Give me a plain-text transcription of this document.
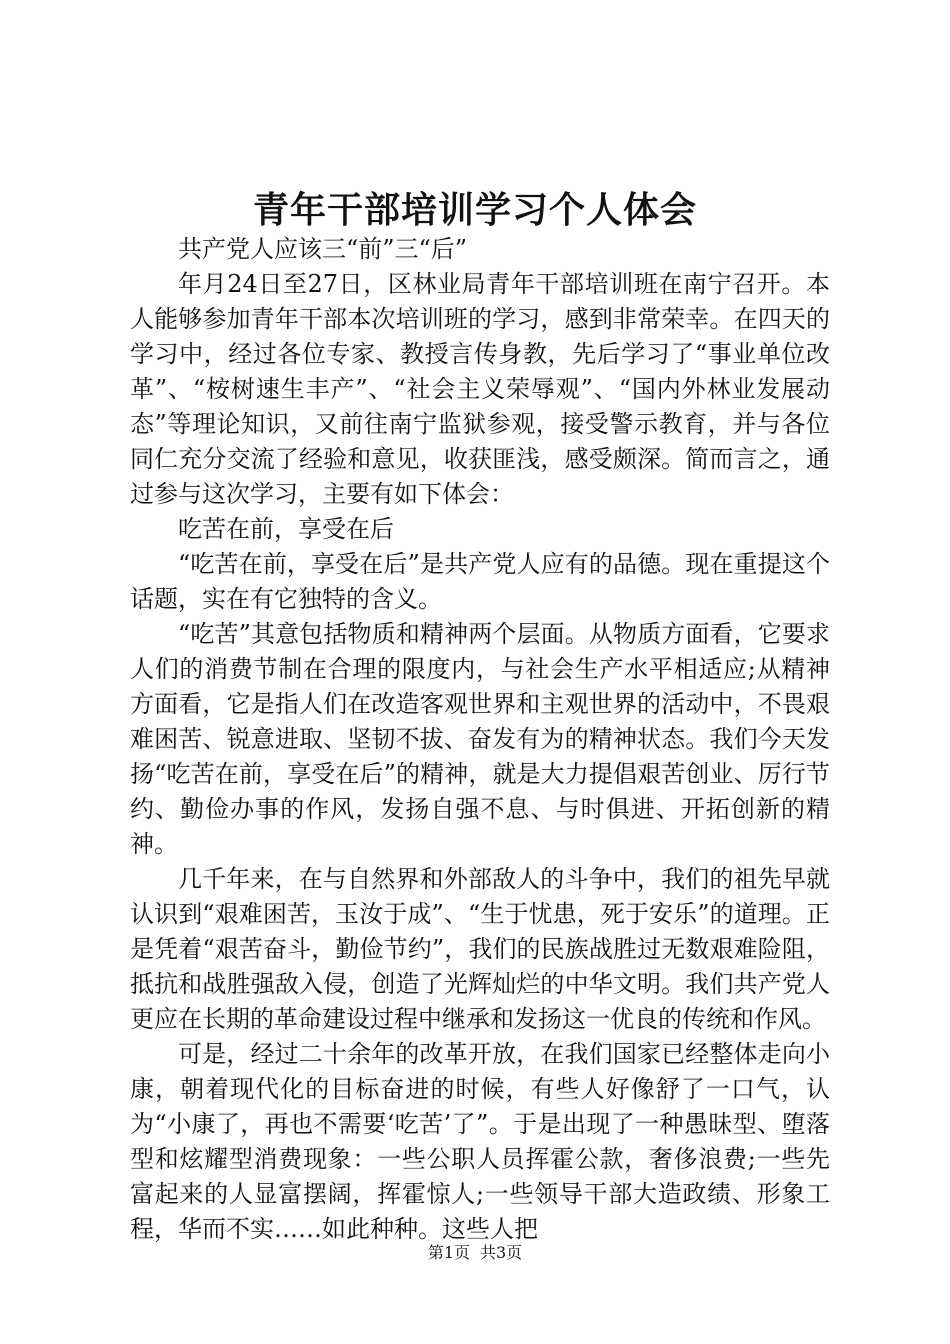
青年干部培训学习个人体会

共产党人应该三“前”三“后”

年月24日至27日，区林业局青年干部培训班在南宁召开。本人能够参加青年干部本次培训班的学习，感到非常荣幸。在四天的学习中，经过各位专家、教授言传身教，先后学习了“事业单位改革”、“桉树速生丰产”、“社会主义荣辱观”、“国内外林业发展动态”等理论知识，又前往南宁监狱参观，接受警示教育，并与各位同仁充分交流了经验和意见，收获匪浅，感受颇深。简而言之，通过参与这次学习，主要有如下体会：

吃苦在前，享受在后

“吃苦在前，享受在后”是共产党人应有的品德。现在重提这个话题，实在有它独特的含义。

“吃苦”其意包括物质和精神两个层面。从物质方面看，它要求人们的消费节制在合理的限度内，与社会生产水平相适应;从精神方面看，它是指人们在改造客观世界和主观世界的活动中，不畏艰难困苦、锐意进取、坚韧不拔、奋发有为的精神状态。我们今天发扬“吃苦在前，享受在后”的精神，就是大力提倡艰苦创业、厉行节约、勤俭办事的作风，发扬自强不息、与时俱进、开拓创新的精神。

几千年来，在与自然界和外部敌人的斗争中，我们的祖先早就认识到“艰难困苦，玉汝于成”、“生于忧患，死于安乐”的道理。正是凭着“艰苦奋斗，勤俭节约”，我们的民族战胜过无数艰难险阻，抵抗和战胜强敌入侵，创造了光辉灿烂的中华文明。我们共产党人更应在长期的革命建设过程中继承和发扬这一优良的传统和作风。

可是，经过二十余年的改革开放，在我们国家已经整体走向小康，朝着现代化的目标奋进的时候，有些人好像舒了一口气，认为“小康了，再也不需要‘吃苦’了”。于是出现了一种愚昧型、堕落型和炫耀型消费现象：一些公职人员挥霍公款，奢侈浪费;一些先富起来的人显富摆阔，挥霍惊人;一些领导干部大造政绩、形象工程，华而不实……如此种种。这些人把

第1页 共3页
